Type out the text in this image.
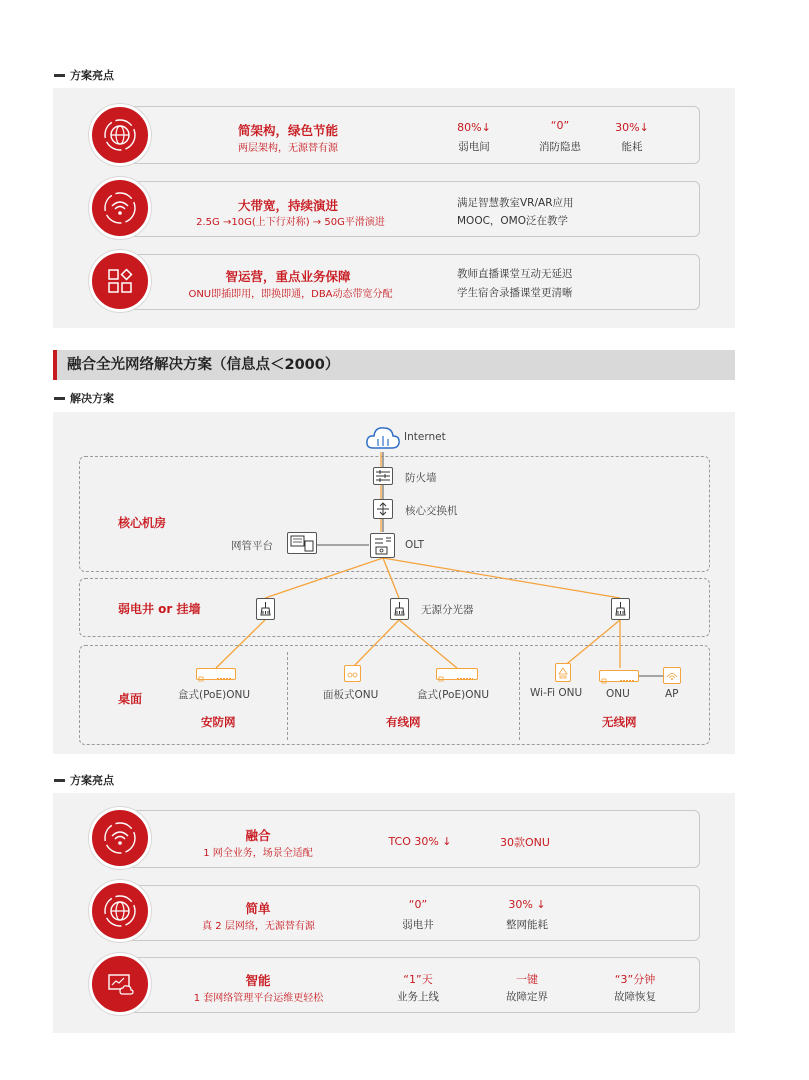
方案亮点
简架构，绿色节能
两层架构，无源替有源
80%↓
弱电间
“0”
消防隐患
30%↓
能耗
大带宽，持续演进
2.5G →10G(上下行对称) → 50G平滑演进
满足智慧教室VR/AR应用
MOOC，OMO泛在教学
智运营，重点业务保障
ONU即插即用，即换即通，DBA动态带宽分配
教师直播课堂互动无延迟
学生宿舍录播课堂更清晰
融合全光网络解决方案（信息点＜2000）
解决方案
核心机房
弱电井 or 挂墙
桌面
Internet
防火墙
核心交换机
网管平台	OLT
无源分光器
盒式(PoE)ONU	面板式ONU	盒式(PoE)ONU	Wi-Fi ONU ONU	AP
安防网	有线网	无线网
方案亮点
融合
1 网全业务，场景全适配
TCO 30% ↓	30款ONU
简单
真 2 层网络，无源替有源
“0”
弱电井
30% ↓
整网能耗
智能
1 套网络管理平台运维更轻松
“1”天
业务上线
一键
故障定界
“3”分钟
故障恢复
